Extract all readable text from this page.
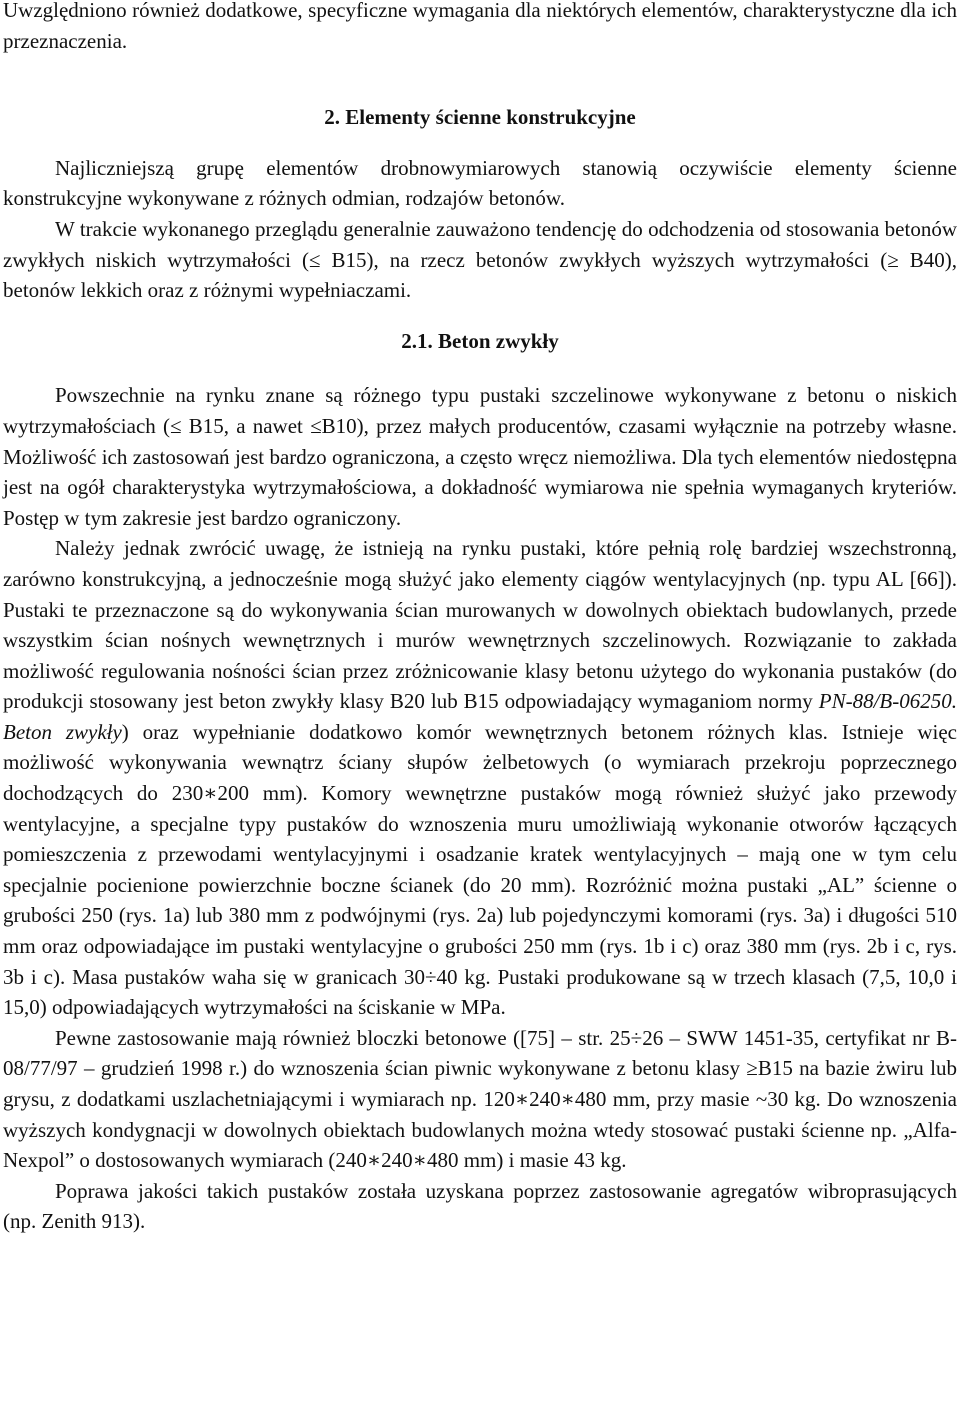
Uwzględniono również dodatkowe, specyficzne wymagania dla niektórych elementów, charakterystyczne dla ich przeznaczenia.

2. Elementy ścienne konstrukcyjne

Najliczniejszą grupę elementów drobnowymiarowych stanowią oczywiście elementy ścienne konstrukcyjne wykonywane z różnych odmian, rodzajów betonów.

W trakcie wykonanego przeglądu generalnie zauważono tendencję do odchodzenia od stosowania betonów zwykłych niskich wytrzymałości (≤ B15), na rzecz betonów zwykłych wyższych wytrzymałości (≥ B40), betonów lekkich oraz z różnymi wypełniaczami.

2.1. Beton zwykły

Powszechnie na rynku znane są różnego typu pustaki szczelinowe wykonywane z betonu o niskich wytrzymałościach (≤ B15, a nawet ≤B10), przez małych producentów, czasami wyłącznie na potrzeby własne. Możliwość ich zastosowań jest bardzo ograniczona, a często wręcz niemożliwa. Dla tych elementów niedostępna jest na ogół charakterystyka wytrzymałościowa, a dokładność wymiarowa nie spełnia wymaganych kryteriów. Postęp w tym zakresie jest bardzo ograniczony.

Należy jednak zwrócić uwagę, że istnieją na rynku pustaki, które pełnią rolę bardziej wszechstronną, zarówno konstrukcyjną, a jednocześnie mogą służyć jako elementy ciągów wentylacyjnych (np. typu AL [66]). Pustaki te przeznaczone są do wykonywania ścian murowanych w dowolnych obiektach budowlanych, przede wszystkim ścian nośnych wewnętrznych i murów wewnętrznych szczelinowych. Rozwiązanie to zakłada możliwość regulowania nośności ścian przez zróżnicowanie klasy betonu użytego do wykonania pustaków (do produkcji stosowany jest beton zwykły klasy B20 lub B15 odpowiadający wymaganiom normy PN-88/B-06250. Beton zwykły) oraz wypełnianie dodatkowo komór wewnętrznych betonem różnych klas. Istnieje więc możliwość wykonywania wewnątrz ściany słupów żelbetowych (o wymiarach przekroju poprzecznego dochodzących do 230∗200 mm). Komory wewnętrzne pustaków mogą również służyć jako przewody wentylacyjne, a specjalne typy pustaków do wznoszenia muru umożliwiają wykonanie otworów łączących pomieszczenia z przewodami wentylacyjnymi i osadzanie kratek wentylacyjnych – mają one w tym celu specjalnie pocienione powierzchnie boczne ścianek (do 20 mm). Rozróżnić można pustaki „AL” ścienne o grubości 250 (rys. 1a) lub 380 mm z podwójnymi (rys. 2a) lub pojedynczymi komorami (rys. 3a) i długości 510 mm oraz odpowiadające im pustaki wentylacyjne o grubości 250 mm (rys. 1b i c) oraz 380 mm (rys. 2b i c, rys. 3b i c). Masa pustaków waha się w granicach 30÷40 kg. Pustaki produkowane są w trzech klasach (7,5, 10,0 i 15,0) odpowiadających wytrzymałości na ściskanie w MPa.

Pewne zastosowanie mają również bloczki betonowe ([75] – str. 25÷26 – SWW 1451-35, certyfikat nr B-08/77/97 – grudzień 1998 r.) do wznoszenia ścian piwnic wykonywane z betonu klasy ≥B15 na bazie żwiru lub grysu, z dodatkami uszlachetniającymi i wymiarach np. 120∗240∗480 mm, przy masie ~30 kg. Do wznoszenia wyższych kondygnacji w dowolnych obiektach budowlanych można wtedy stosować pustaki ścienne np. „Alfa-Nexpol” o dostosowanych wymiarach (240∗240∗480 mm) i masie 43 kg.

Poprawa jakości takich pustaków została uzyskana poprzez zastosowanie agregatów wibroprasujących (np. Zenith 913).
